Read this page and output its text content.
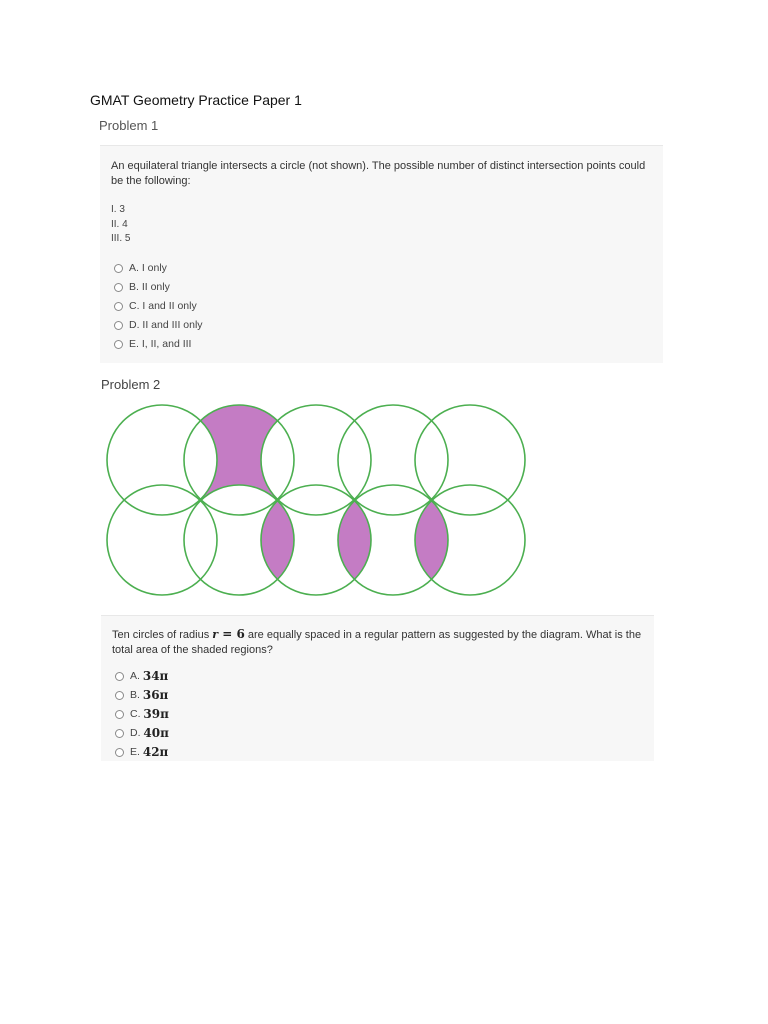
GMAT Geometry Practice Paper 1
Problem 1

An equilateral triangle intersects a circle (not shown). The possible number of distinct intersection points could be the following:

I. 3
II. 4
III. 5
A. I only
B. II only
C. I and II only
D. II and III only
E. I, II, and III
Problem 2

Ten circles of radius r = 6 are equally spaced in a regular pattern as suggested by the diagram. What is the total area of the shaded regions?

A.
34π
B.
36π
C.
39π
D.
40π
E.
42π
